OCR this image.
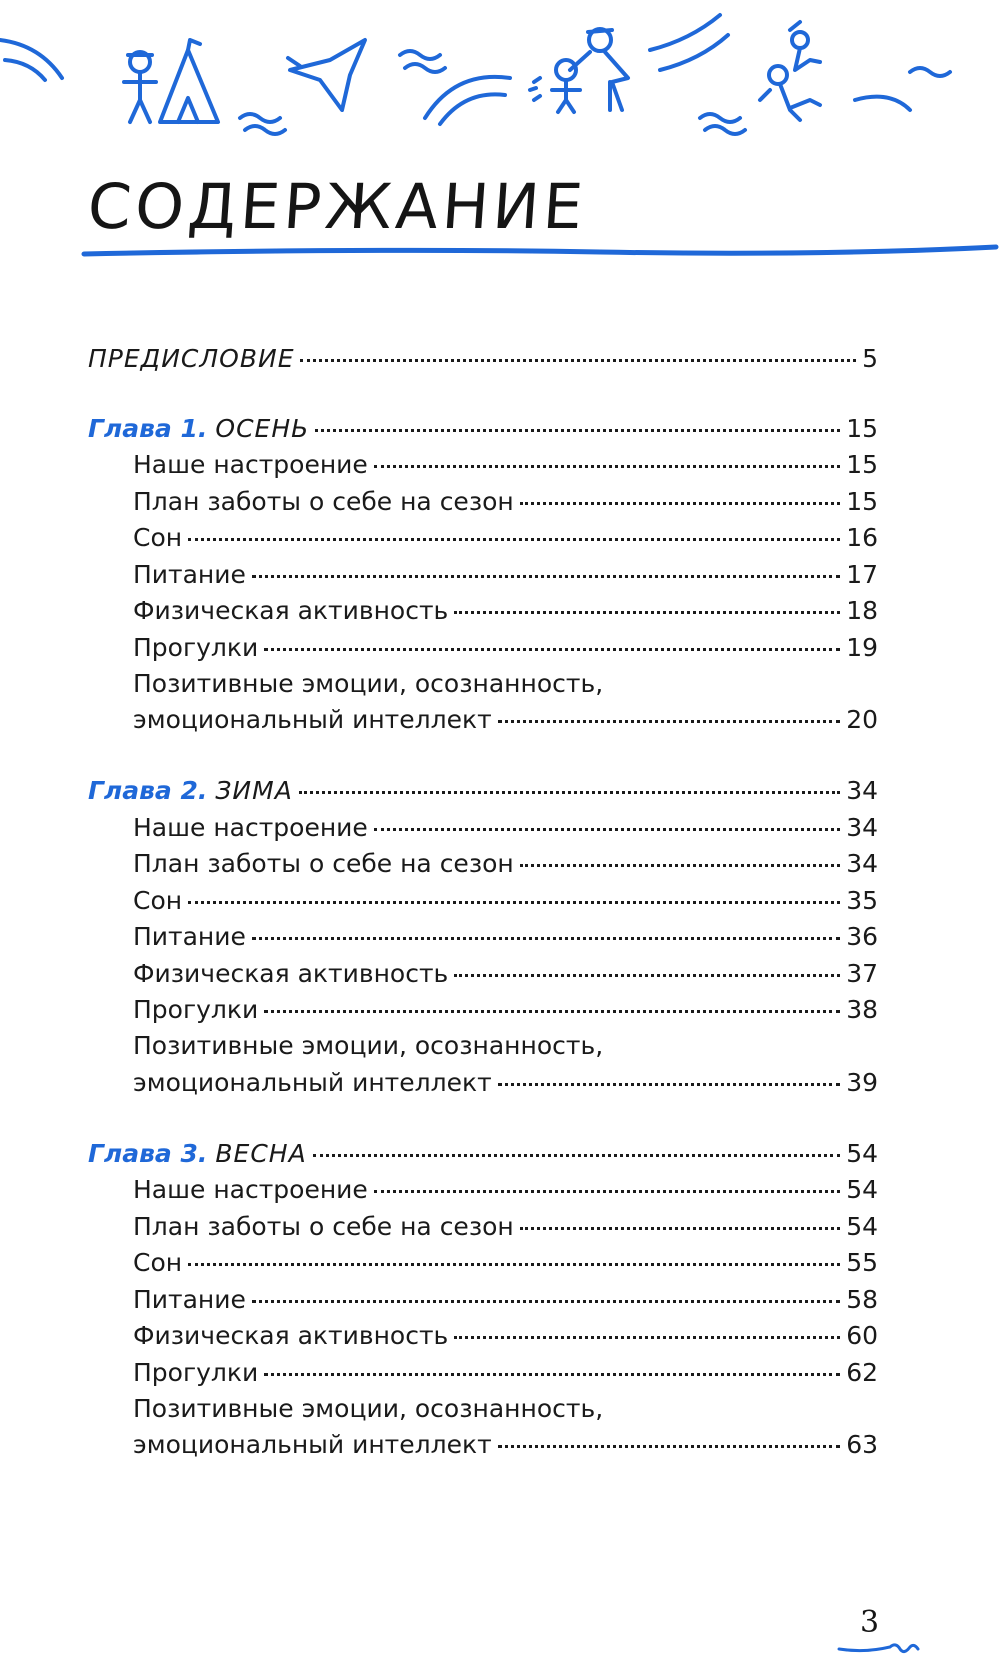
СОДЕРЖАНИЕ
ПРЕДИСЛОВИЕ	5
Глава 1. ОСЕНЬ	15
Наше настроение	15
План заботы о себе на сезон	15
Сон	16
Питание	17
Физическая активность	18
Прогулки	19
Позитивные эмоции, осознанность,
эмоциональный интеллект	20
Глава 2. ЗИМА	34
Наше настроение	34
План заботы о себе на сезон	34
Сон	35
Питание	36
Физическая активность	37
Прогулки	38
Позитивные эмоции, осознанность,
эмоциональный интеллект	39
Глава 3. ВЕСНА	54
Наше настроение	54
План заботы о себе на сезон	54
Сон	55
Питание	58
Физическая активность	60
Прогулки	62
Позитивные эмоции, осознанность,
эмоциональный интеллект	63
3
